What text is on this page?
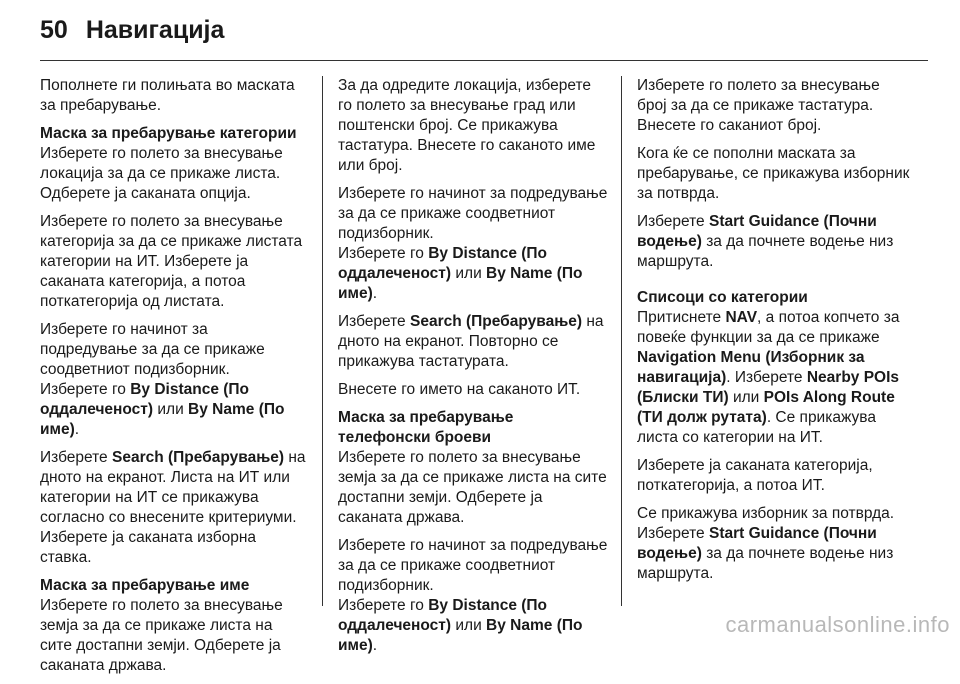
50 Навигација

Пополнете ги полињата во маската за пребарување.

Маска за пребарување категории

Изберете го полето за внесување локација за да се прикаже листа. Одберете ја саканата опција.

Изберете го полето за внесување категорија за да се прикаже листата категории на ИТ. Изберете ја саканата категорија, а потоа поткатегорија од листата.

Изберете го начинот за подредување за да се прикаже соодветниот подизборник.

Изберете го By Distance (По оддалеченост) или By Name (По име).

Изберете Search (Пребарување) на дното на екранот. Листа на ИТ или категории на ИТ се прикажува согласно со внесените критериуми. Изберете ја саканата изборна ставка.

Маска за пребарување име

Изберете го полето за внесување земја за да се прикаже листа на сите достапни земји. Одберете ја саканата држава.

За да одредите локација, изберете го полето за внесување град или поштенски број. Се прикажува тастатура. Внесете го саканото име или број.

Изберете го начинот за подредување за да се прикаже соодветниот подизборник.

Изберете го By Distance (По оддалеченост) или By Name (По име).

Изберете Search (Пребарување) на дното на екранот. Повторно се прикажува тастатурата.

Внесете го името на саканото ИТ.

Маска за пребарување телефонски броеви

Изберете го полето за внесување земја за да се прикаже листа на сите достапни земји. Одберете ја саканата држава.

Изберете го начинот за подредување за да се прикаже соодветниот подизборник.

Изберете го By Distance (По оддалеченост) или By Name (По име).

Изберете го полето за внесување број за да се прикаже тастатура. Внесете го саканиот број.

Кога ќе се пополни маската за пребарување, се прикажува изборник за потврда.

Изберете Start Guidance (Почни водење) за да почнете водење низ маршрута.

Списоци со категории

Притиснете NAV, а потоа копчето за повеќе функции за да се прикаже Navigation Menu (Изборник за навигација). Изберете Nearby POIs (Блиски ТИ) или POIs Along Route (ТИ долж рутата). Се прикажува листа со категории на ИТ.

Изберете ја саканата категорија, поткатегорија, а потоа ИТ.

Се прикажува изборник за потврда. Изберете Start Guidance (Почни водење) за да почнете водење низ маршрута.

carmanualsonline.info
